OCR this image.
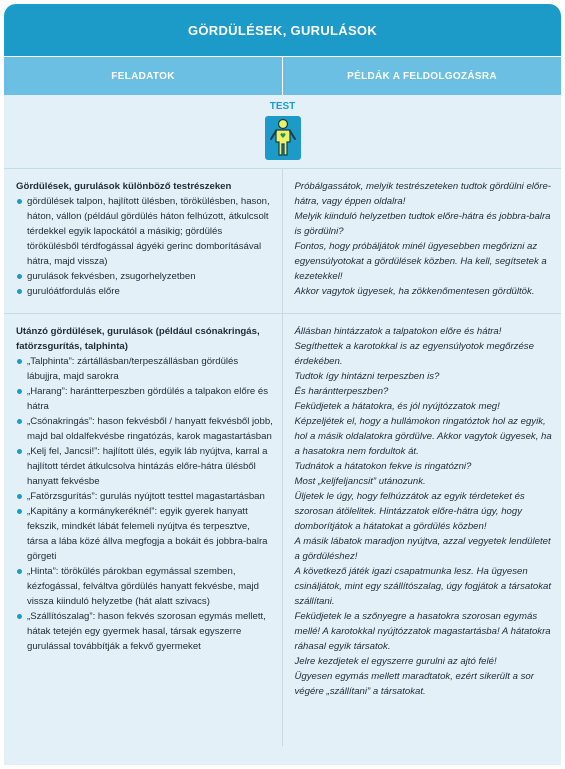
GÖRDÜLÉSEK, GURULÁSOK
FELADATOK	PÉLDÁK A FELDOLGOZÁSRA
TEST
Gördülések, gurulások különböző testrészeken
gördülések talpon, hajlított ülésben, törökülésben, hason, háton, vállon (például gördülés háton felhúzott, átkulcsolt térdekkel egyik lapockától a másikig; gördülés törökülésből térdfogással ágyéki gerinc domborításával hátra, majd vissza)
gurulások fekvésben, zsugorhelyzetben
gurulóátfordulás előre

Próbálgassátok, melyik testrészeteken tudtok gördülni előre-hátra, vagy éppen oldalra!

Melyik kiinduló helyzetben tudtok előre-hátra és jobbra-balra is gördülni?

Fontos, hogy próbáljátok minél ügyesebben megőrizni az egyensúlyotokat a gördülések közben. Ha kell, segítsetek a kezetekkel!

Akkor vagytok ügyesek, ha zökkenőmentesen gördültök.

Utánzó gördülések, gurulások (például csónakringás, fatörzsgurítás, talphinta)
„Talphinta”: zártállásban/terpeszállásban gördülés lábujjra, majd sarokra
„Harang”: harántterpeszben gördülés a talpakon előre és hátra
„Csónakringás”: hason fekvésből / hanyatt fekvésből jobb, majd bal oldalfekvésbe ringatózás, karok magastartásban
„Kelj fel, Jancsi!”: hajlított ülés, egyik láb nyújtva, karral a hajlított térdet átkulcsolva hintázás előre-hátra ülésből hanyatt fekvésbe
„Fatörzsgurítás”: gurulás nyújtott testtel magastartásban
„Kapitány a kormánykeréknél”: egyik gyerek hanyatt fekszik, mindkét lábát felemeli nyújtva és terpesztve, társa a lába közé állva megfogja a bokáit és jobbra-balra görgeti
„Hinta”: törökülés párokban egymással szemben, kézfogással, felváltva gördülés hanyatt fekvésbe, majd vissza kiinduló helyzetbe (hát alatt szivacs)
„Szállítószalag”: hason fekvés szorosan egymás mellett, hátak tetején egy gyermek hasal, társak egyszerre gurulással továbbítják a fekvő gyermeket

Állásban hintázzatok a talpatokon előre és hátra!

Segíthettek a karotokkal is az egyensúlyotok megőrzése érdekében.

Tudtok így hintázni terpeszben is?

És harántterpeszben?

Feküdjetek a hátatokra, és jól nyújtózzatok meg!

Képzeljétek el, hogy a hullámokon ringatóztok hol az egyik, hol a másik oldalatokra gördülve. Akkor vagytok ügyesek, ha a hasatokra nem fordultok át.

Tudnátok a hátatokon fekve is ringatózni?

Most „keljfeljancsit” utánozunk.

Üljetek le úgy, hogy felhúzzátok az egyik térdeteket és szorosan átölelitek. Hintázzatok előre-hátra úgy, hogy domborítjátok a hátatokat a gördülés közben!

A másik lábatok maradjon nyújtva, azzal vegyetek lendületet a gördüléshez!

A következő játék igazi csapatmunka lesz. Ha ügyesen csináljátok, mint egy szállítószalag, úgy fogjátok a társatokat szállítani.

Feküdjetek le a szőnyegre a hasatokra szorosan egymás mellé! A karotokkal nyújtózzatok magastartásba! A hátatokra ráhasal egyik társatok.

Jelre kezdjetek el egyszerre gurulni az ajtó felé!

Ügyesen egymás mellett maradtatok, ezért sikerült a sor végére „szállítani” a társatokat.
